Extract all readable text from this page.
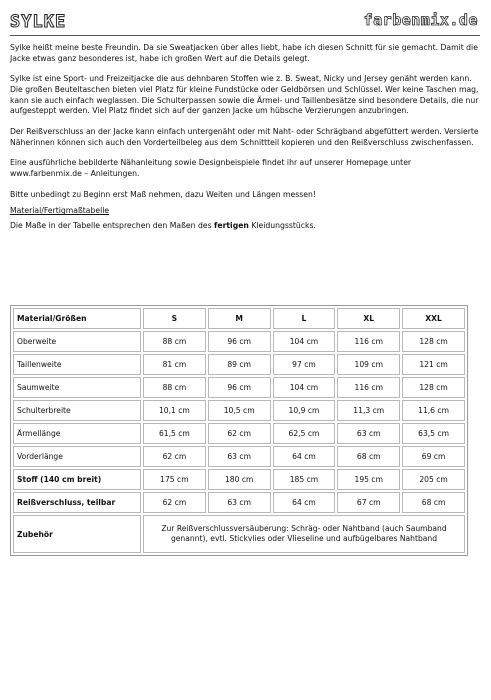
SYLKE	farbenmix.de

Sylke heißt meine beste Freundin. Da sie Sweatjacken über alles liebt, habe ich diesen Schnitt für sie gemacht. Damit die Jacke etwas ganz besonderes ist, habe ich großen Wert auf die Details gelegt.

Sylke ist eine Sport- und Freizeitjacke die aus dehnbaren Stoffen wie z. B. Sweat, Nicky und Jersey genäht werden kann. Die großen Beuteltaschen bieten viel Platz für kleine Fundstücke oder Geldbörsen und Schlüssel. Wer keine Taschen mag, kann sie auch einfach weglassen. Die Schulterpassen sowie die Ärmel- und Taillenbesätze sind besondere Details, die nur aufgesteppt werden. Viel Platz findet sich auf der ganzen Jacke um hübsche Verzierungen anzubringen.

Der Reißverschluss an der Jacke kann einfach untergenäht oder mit Naht- oder Schrägband abgefüttert werden. Versierte Näherinnen können sich auch den Vorderteilbeleg aus dem Schnittteil kopieren und den Reißverschluss zwischenfassen.

Eine ausführliche bebilderte Nähanleitung sowie Designbeispiele findet ihr auf unserer Homepage unter www.farbenmix.de – Anleitungen.

Bitte unbedingt zu Beginn erst Maß nehmen, dazu Weiten und Längen messen!

Material/Fertigmaßtabelle
Die Maße in der Tabelle entsprechen den Maßen des fertigen Kleidungsstücks.
Material/Größen	S	M	L	XL	XXL
Oberweite	88 cm	96 cm	104 cm	116 cm	128 cm
Taillenweite	81 cm	89 cm	97 cm	109 cm	121 cm
Saumweite	88 cm	96 cm	104 cm	116 cm	128 cm
Schulterbreite	10,1 cm	10,5 cm	10,9 cm	11,3 cm	11,6 cm
Ärmellänge	61,5 cm	62 cm	62,5 cm	63 cm	63,5 cm
Vorderlänge	62 cm	63 cm	64 cm	68 cm	69 cm
Stoff (140 cm breit)	175 cm	180 cm	185 cm	195 cm	205 cm
Reißverschluss, teilbar	62 cm	63 cm	64 cm	67 cm	68 cm
Zubehör	Zur Reißverschlussversäuberung: Schräg- oder Nahtband (auch Saumband genannt), evtl. Stickvlies oder Vlieseline und aufbügelbares Nahtband				
